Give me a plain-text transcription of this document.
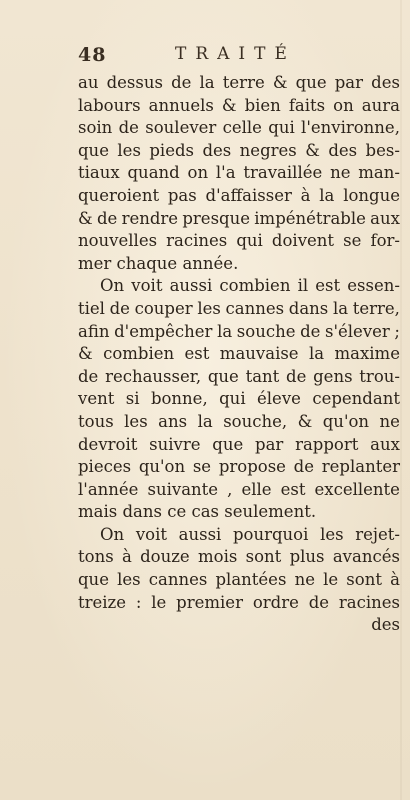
48	TRAITÉ
au dessus de la terre & que par des
labours annuels & bien faits on aura
soin de soulever celle qui l'environne,
que les pieds des negres & des bes-
tiaux quand on l'a travaillée ne man-
queroient pas d'affaisser à la longue
& de rendre presque impénétrable aux
nouvelles racines qui doivent se for-
mer chaque année.
On voit aussi combien il est essen-
tiel de couper les cannes dans la terre,
afin d'empêcher la souche de s'élever ;
& combien est mauvaise la maxime
de rechausser, que tant de gens trou-
vent si bonne, qui éleve cependant
tous les ans la souche, & qu'on ne
devroit suivre que par rapport aux
pieces qu'on se propose de replanter
l'année suivante , elle est excellente
mais dans ce cas seulement.
On voit aussi pourquoi les rejet-
tons à douze mois sont plus avancés
que les cannes plantées ne le sont à
treize : le premier ordre de racines
des
